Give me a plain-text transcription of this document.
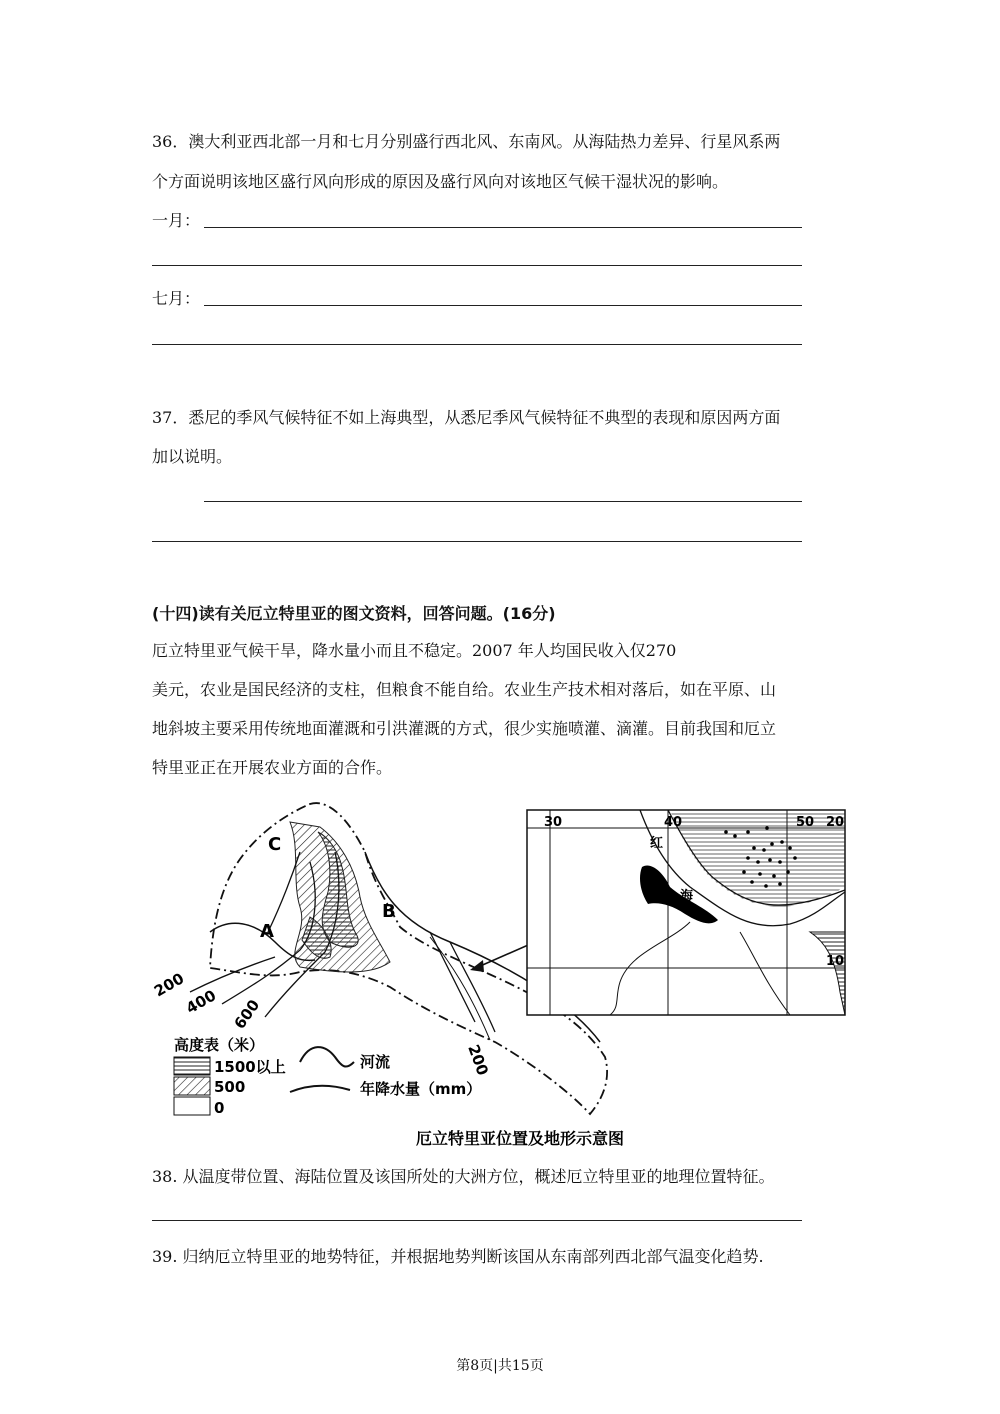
36．澳大利亚西北部一月和七月分别盛行西北风、东南风。从海陆热力差异、行星风系两
个方面说明该地区盛行风向形成的原因及盛行风向对该地区气候干湿状况的影响。
一月：
七月：
37．悉尼的季风气候特征不如上海典型，从悉尼季风气候特征不典型的表现和原因两方面
加以说明。
(十四)读有关厄立特里亚的图文资料，回答问题。(16分)
厄立特里亚气候干旱，降水量小而且不稳定。2007 年人均国民收入仅270
美元，农业是国民经济的支柱，但粮食不能自给。农业生产技术相对落后，如在平原、山
地斜坡主要采用传统地面灌溉和引洪灌溉的方式，很少实施喷灌、滴灌。目前我国和厄立
特里亚正在开展农业方面的合作。
C
A
B
200
400 600
200
高度表（米）
1500以上
500
0
河流
年降水量（mm）
厄立特里亚位置及地形示意图
30	40	50 20
10
红
海
38. 从温度带位置、海陆位置及该国所处的大洲方位，概述厄立特里亚的地理位置特征。
39. 归纳厄立特里亚的地势特征，并根据地势判断该国从东南部列西北部气温变化趋势.
第8页|共15页
